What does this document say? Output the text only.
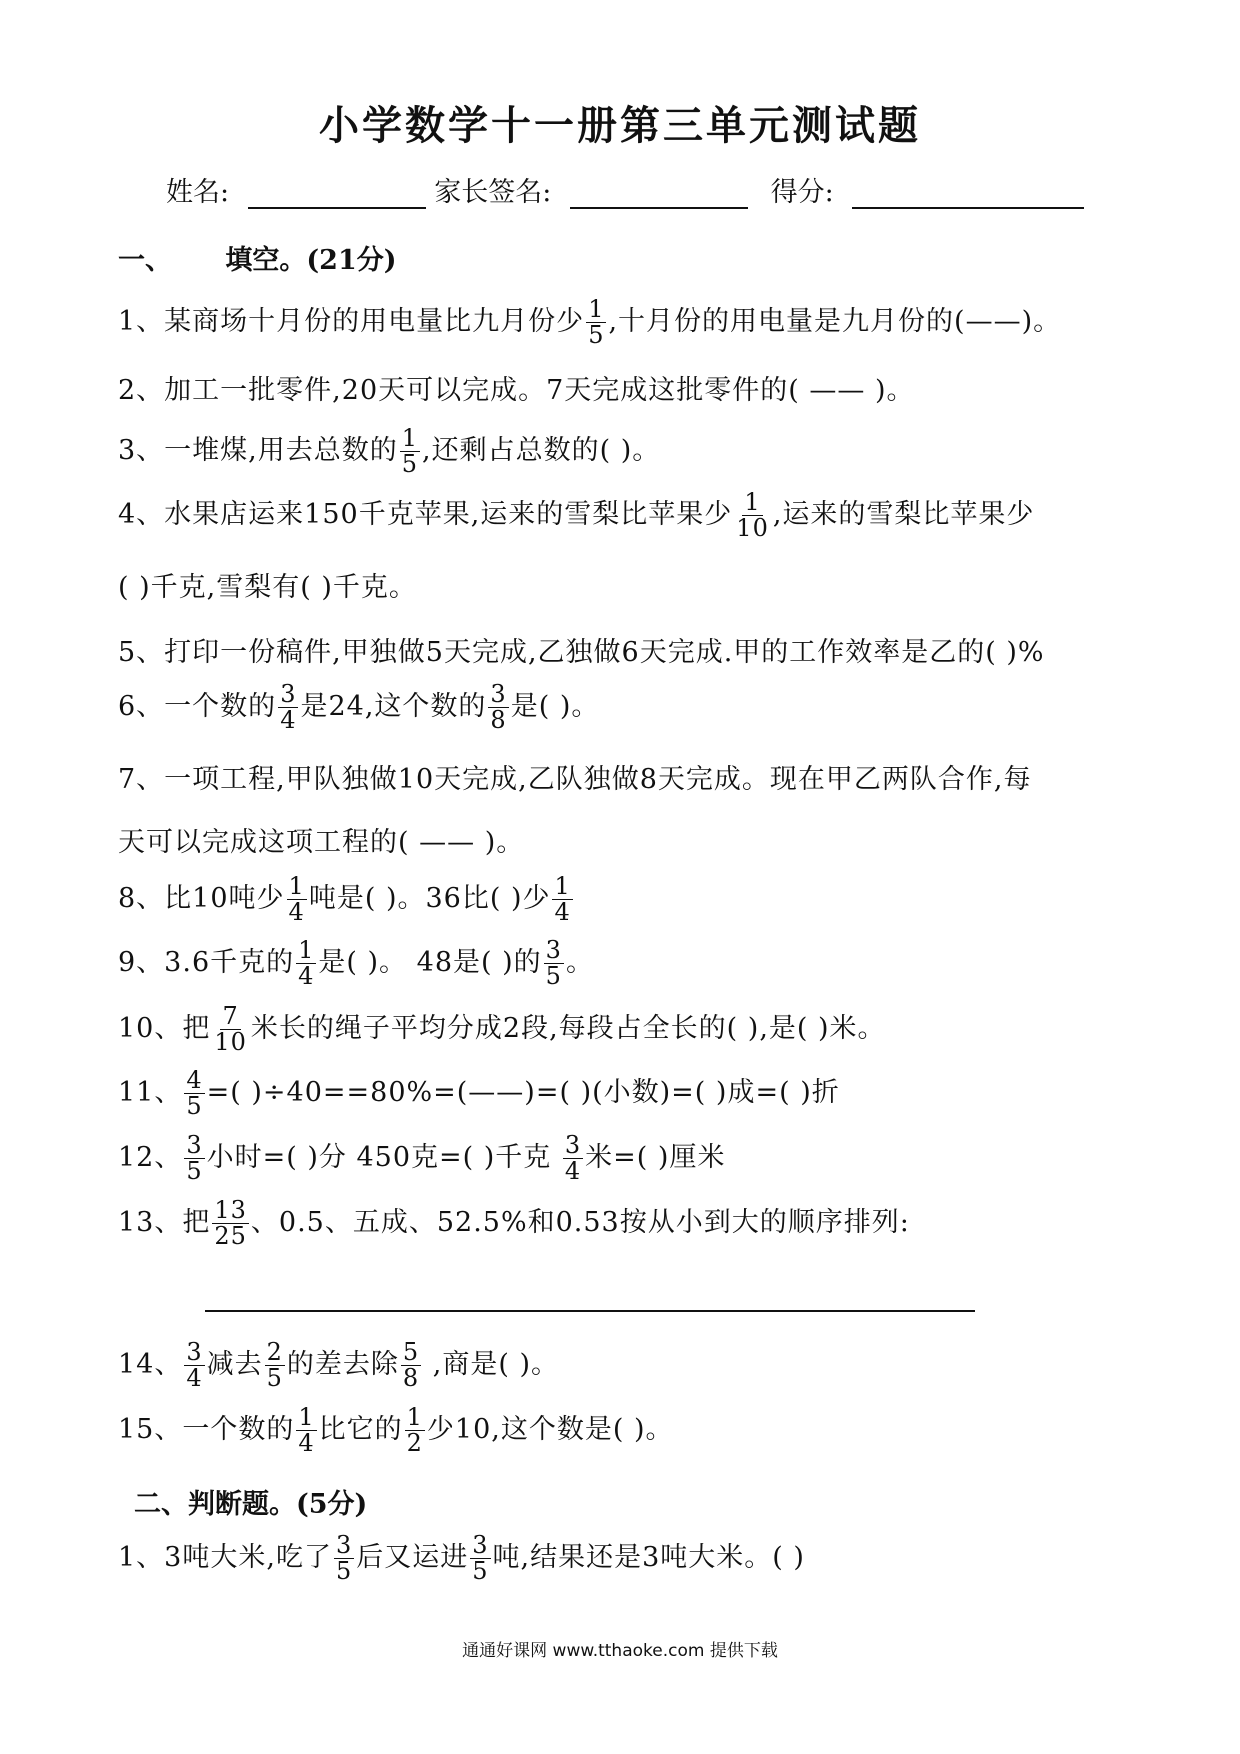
小学数学十一册第三单元测试题
姓名:	家长签名:	得分:
一、 填空。(21分)
1、某商场十月份的用电量比九月份少 $\frac{1}{5}$ ,十月份的用电量是九月份的(——)。
2、加工一批零件,20天可以完成。7天完成这批零件的( —— )。
3、一堆煤,用去总数的 $\frac{1}{5}$ ,还剩占总数的( )。
4、水果店运来150千克苹果,运来的雪梨比苹果少 $\frac{1}{10}$ ,运来的雪梨比苹果少
( )千克,雪梨有( )千克。
5、打印一份稿件,甲独做5天完成,乙独做6天完成.甲的工作效率是乙的( )%
6、一个数的 $\frac{3}{4}$ 是24,这个数的 $\frac{3}{8}$ 是( )。
7、一项工程,甲队独做10天完成,乙队独做8天完成。现在甲乙两队合作,每
天可以完成这项工程的( —— )。
8、比10吨少 $\frac{1}{4}$ 吨是( )。36比( )少 $\frac{1}{4}$
9、3.6千克的 $\frac{1}{4}$ 是( )。 48是( )的 $\frac{3}{5}$ 。
10、把 $\frac{7}{10}$ 米长的绳子平均分成2段,每段占全长的( ),是( )米。
11、 $\frac{4}{5}$ =( )÷40==80%=(——)=( )(小数)=( )成=( )折
12、 $\frac{3}{5}$ 小时=( )分 450克=( )千克 $\frac{3}{4}$ 米=( )厘米
13、把 $\frac{13}{25}$ 、0.5、五成、52.5%和0.53按从小到大的顺序排列:
14、 $\frac{3}{4}$ 减去 $\frac{2}{5}$ 的差去除 $\frac{5}{8}$ ,商是( )。
15、一个数的 $\frac{1}{4}$ 比它的 $\frac{1}{2}$ 少10,这个数是( )。
二、判断题。(5分)
1、3吨大米,吃了 $\frac{3}{5}$ 后又运进 $\frac{3}{5}$ 吨,结果还是3吨大米。( )
通通好课网 www.tthaoke.com 提供下载
